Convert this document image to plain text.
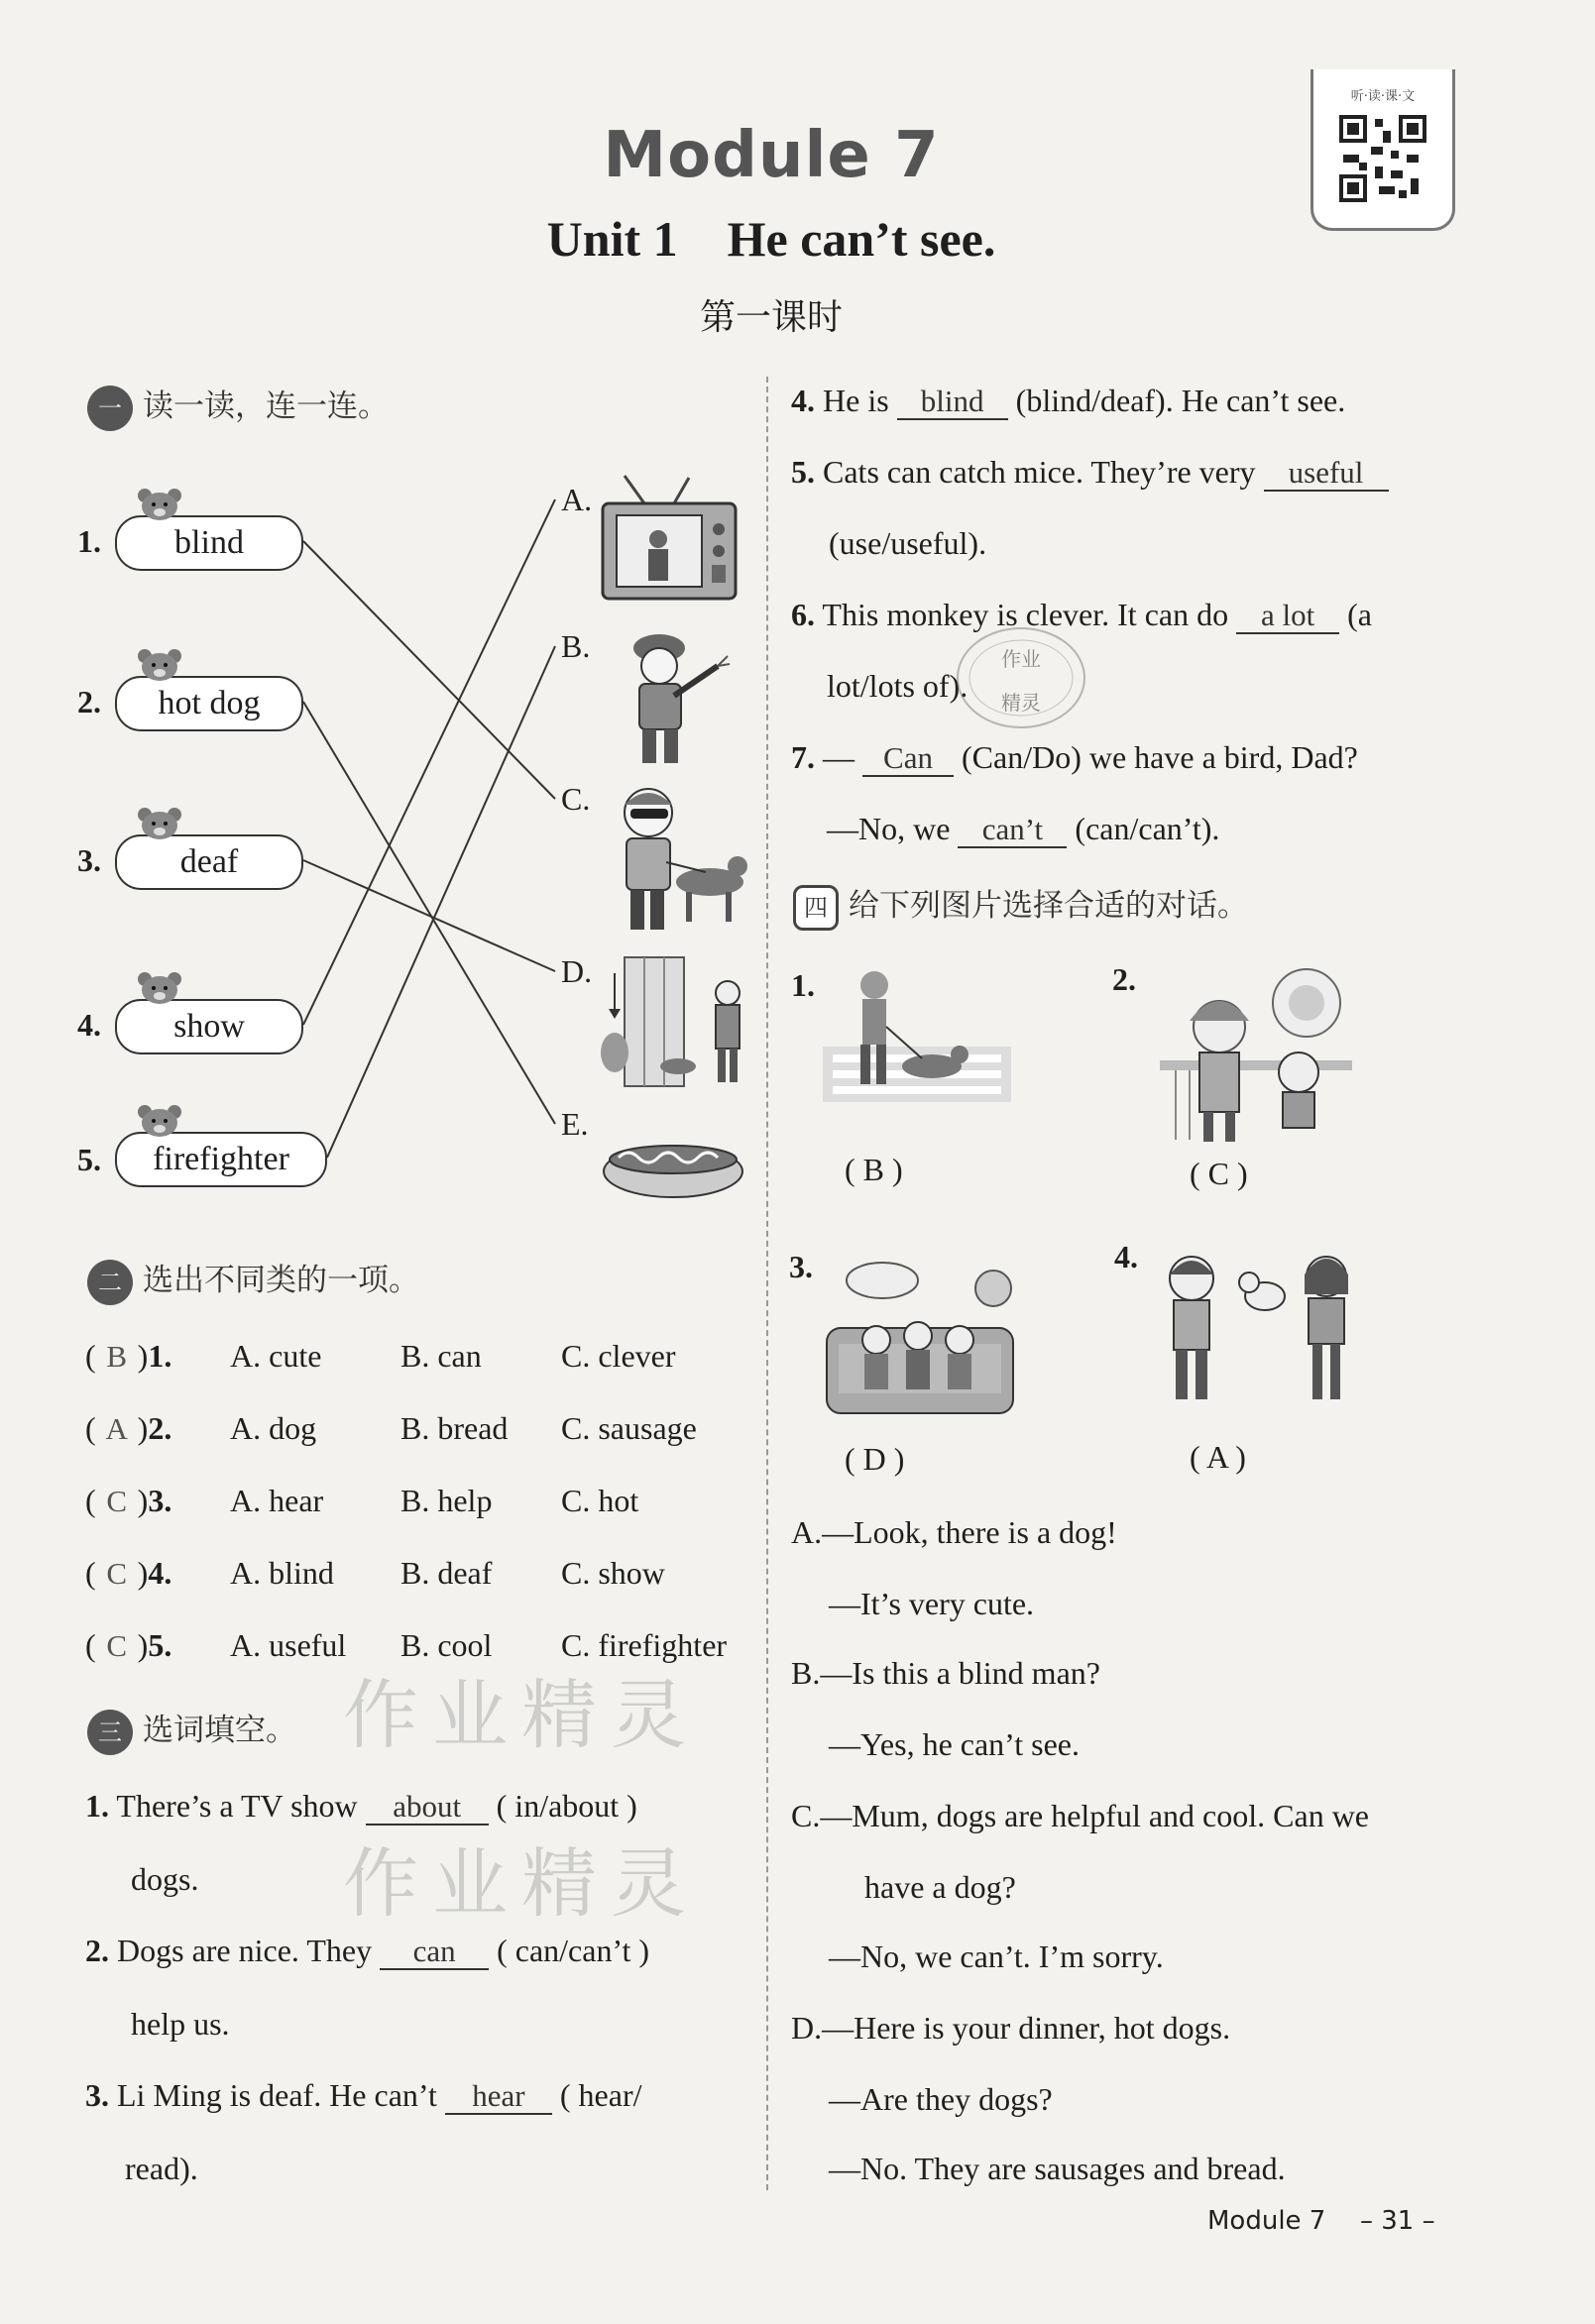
Module 7
Unit 1 He can’t see.
第一课时
听·读·课·文
一 读一读，连一连。
1.	blind
2.	hot dog
3.	deaf
4.	show
5.	firefighter
A.
B.
C.
D.
E.
二 选出不同类的一项。
( B )1. A. cute B. can	C. clever
( A )2. A. dog	B. bread C. sausage
( C )3. A. hear B. help C. hot
( C )4. A. blind B. deaf C. show
( C )5. A. useful B. cool C. firefighter
作业精灵
作业精灵
三 选词填空。
1. There’s a TV show about ( in/about )
dogs.
2. Dogs are nice. They can ( can/can’t )
help us.
3. Li Ming is deaf. He can’t hear ( hear/
read).
4. He is blind (blind/deaf). He can’t see.
5. Cats can catch mice. They’re very useful
(use/useful).
6. This monkey is clever. It can do a lot (a
lot/lots of).
作业
精灵
7. — Can (Can/Do) we have a bird, Dad?
—No, we can’t (can/can’t).
四 给下列图片选择合适的对话。
1.
( B )
2.
( C )
3.
( D )
4.
( A )
A.—Look, there is a dog!
—It’s very cute.
B.—Is this a blind man?
—Yes, he can’t see.
C.—Mum, dogs are helpful and cool. Can we
have a dog?
—No, we can’t. I’m sorry.
D.—Here is your dinner, hot dogs.
—Are they dogs?
—No. They are sausages and bread.
Module 7 – 31 –
